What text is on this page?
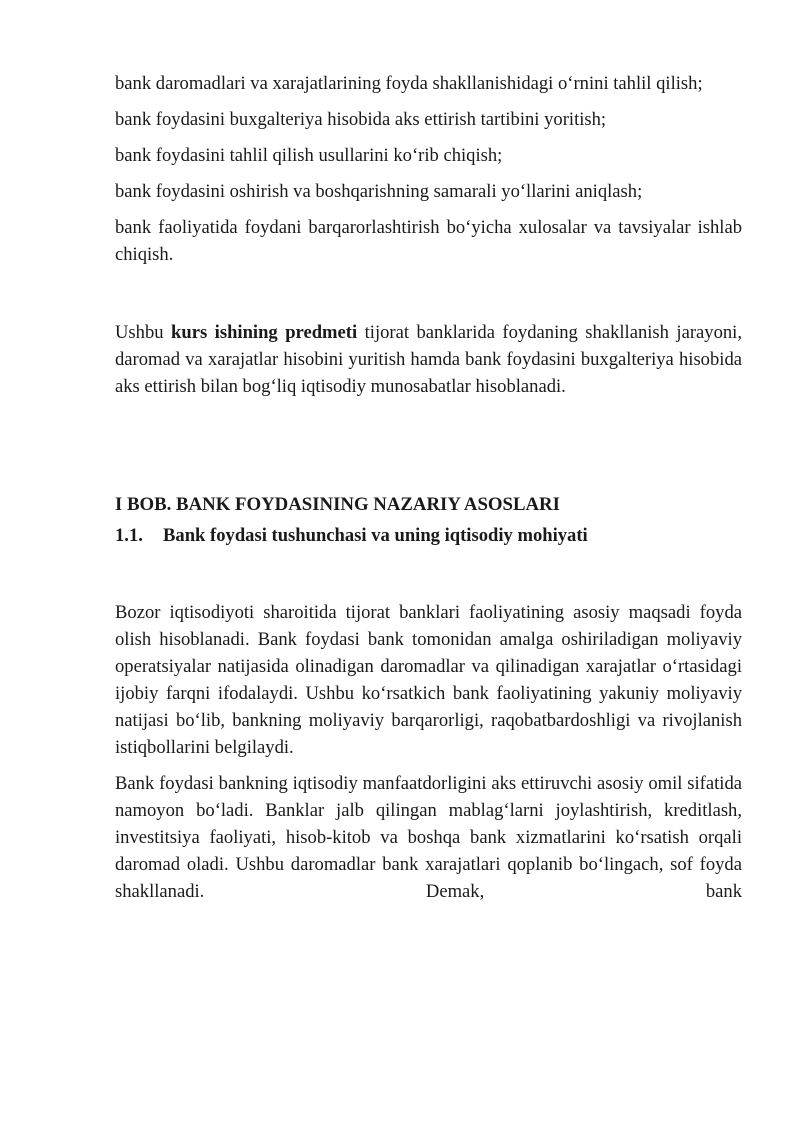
bank daromadlari va xarajatlarining foyda shakllanishidagi o‘rnini tahlil qilish;

bank foydasini buxgalteriya hisobida aks ettirish tartibini yoritish;

bank foydasini tahlil qilish usullarini ko‘rib chiqish;

bank foydasini oshirish va boshqarishning samarali yo‘llarini aniqlash;

bank faoliyatida foydani barqarorlashtirish bo‘yicha xulosalar va tavsiyalar ishlab chiqish.

Ushbu kurs ishining predmeti tijorat banklarida foydaning shakllanish jarayoni, daromad va xarajatlar hisobini yuritish hamda bank foydasini buxgalteriya hisobida aks ettirish bilan bog‘liq iqtisodiy munosabatlar hisoblanadi.

I BOB. BANK FOYDASINING NAZARIY ASOSLARI
1.1.	Bank foydasi tushunchasi va uning iqtisodiy mohiyati

Bozor iqtisodiyoti sharoitida tijorat banklari faoliyatining asosiy maqsadi foyda olish hisoblanadi. Bank foydasi bank tomonidan amalga oshiriladigan moliyaviy operatsiyalar natijasida olinadigan daromadlar va qilinadigan xarajatlar o‘rtasidagi ijobiy farqni ifodalaydi. Ushbu ko‘rsatkich bank faoliyatining yakuniy moliyaviy natijasi bo‘lib, bankning moliyaviy barqarorligi, raqobatbardoshligi va rivojlanish istiqbollarini belgilaydi.

Bank foydasi bankning iqtisodiy manfaatdorligini aks ettiruvchi asosiy omil sifatida namoyon bo‘ladi. Banklar jalb qilingan mablag‘larni joylashtirish, kreditlash, investitsiya faoliyati, hisob-kitob va boshqa bank xizmatlarini ko‘rsatish orqali daromad oladi. Ushbu daromadlar bank xarajatlari qoplanib bo‘lingach, sof foyda shakllanadi. Demak, bank
